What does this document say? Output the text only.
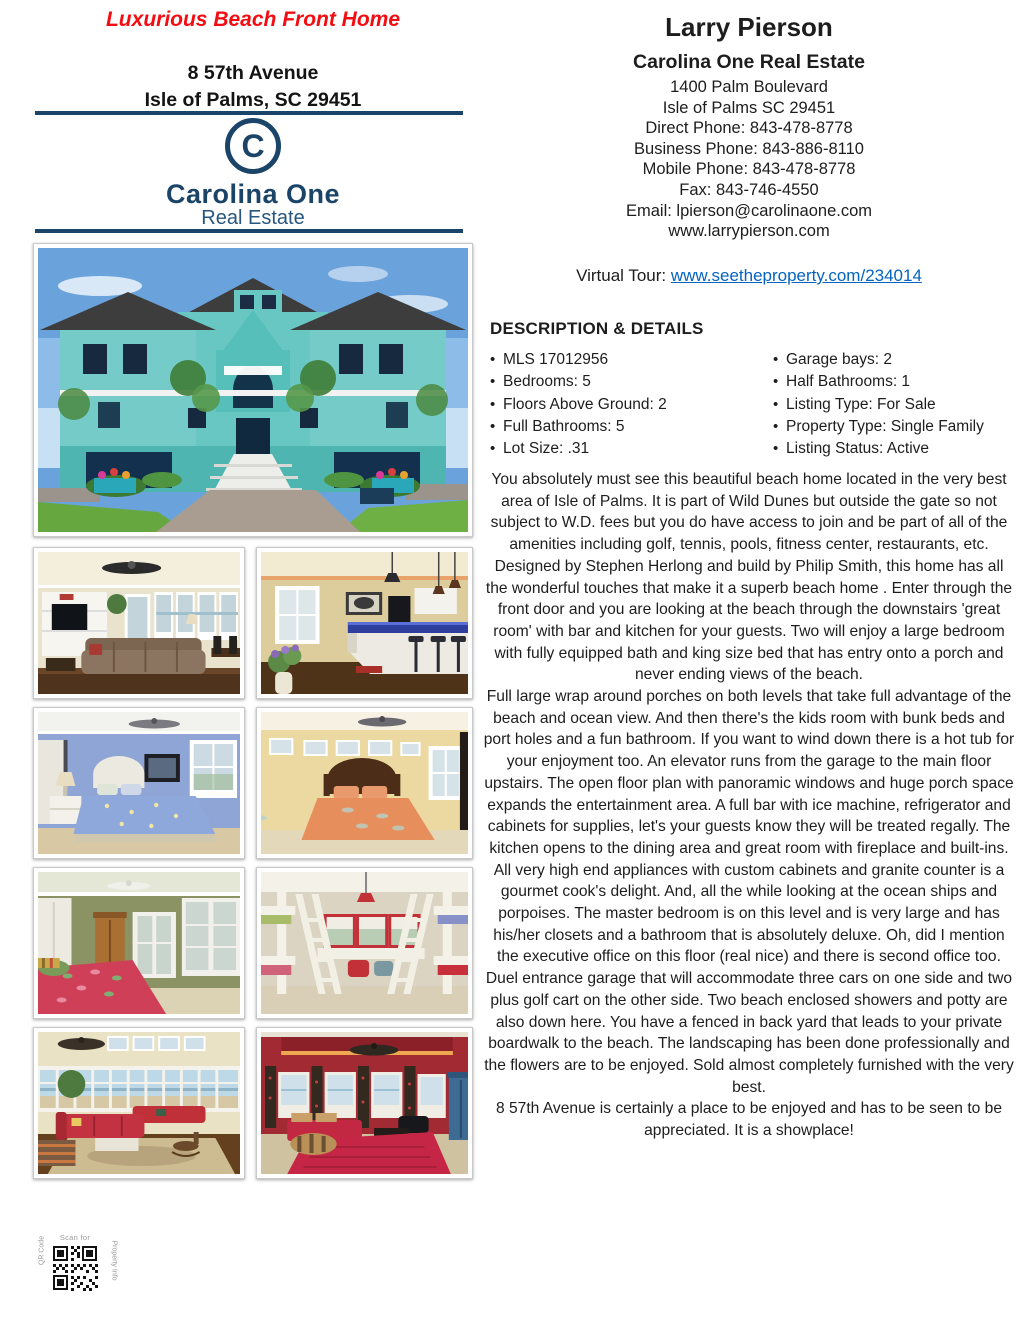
Luxurious Beach Front Home
8 57th Avenue
Isle of Palms, SC 29451
C
Carolina One
Real Estate
Larry Pierson
Carolina One Real Estate
1400 Palm Boulevard
Isle of Palms SC 29451
Direct Phone: 843-478-8778
Business Phone: 843-886-8110
Mobile Phone: 843-478-8778
Fax: 843-746-4550
Email: lpierson@carolinaone.com
www.larrypierson.com
Virtual Tour: www.seetheproperty.com/234014
DESCRIPTION & DETAILS
• MLS 17012956
• Bedrooms: 5
• Floors Above Ground: 2
• Full Bathrooms: 5
• Lot Size: .31
• Garage bays: 2
• Half Bathrooms: 1
• Listing Type: For Sale
• Property Type: Single Family
• Listing Status: Active

You absolutely must see this beautiful beach home located in the very best area of Isle of Palms. It is part of Wild Dunes but outside the gate so not subject to W.D. fees but you do have access to join and be part of all of the amenities including golf, tennis, pools, fitness center, restaurants, etc. Designed by Stephen Herlong and build by Philip Smith, this home has all the wonderful touches that make it a superb beach home . Enter through the front door and you are looking at the beach through the downstairs 'great room' with bar and kitchen for your guests. Two will enjoy a large bedroom with fully equipped bath and king size bed that has entry onto a porch and never ending views of the beach.

Full large wrap around porches on both levels that take full advantage of the beach and ocean view. And then there's the kids room with bunk beds and port holes and a fun bathroom. If you want to wind down there is a hot tub for your enjoyment too. An elevator runs from the garage to the main floor upstairs. The open floor plan with panoramic windows and huge porch space expands the entertainment area. A full bar with ice machine, refrigerator and cabinets for supplies, let's your guests know they will be treated regally. The kitchen opens to the dining area and great room with fireplace and built-ins. All very high end appliances with custom cabinets and granite counter is a gourmet cook's delight. And, all the while looking at the ocean ships and porpoises. The master bedroom is on this level and is very large and has his/her closets and a bathroom that is absolutely deluxe. Oh, did I mention the executive office on this floor (real nice) and there is second office too. Duel entrance garage that will accommodate three cars on one side and two plus golf cart on the other side. Two beach enclosed showers and potty are also down here. You have a fenced in back yard that leads to your private boardwalk to the beach. The landscaping has been done professionally and the flowers are to be enjoyed. Sold almost completely furnished with the very best.

8 57th Avenue is certainly a place to be enjoyed and has to be seen to be appreciated. It is a showplace!

Scan for
QR Code	Property Info
